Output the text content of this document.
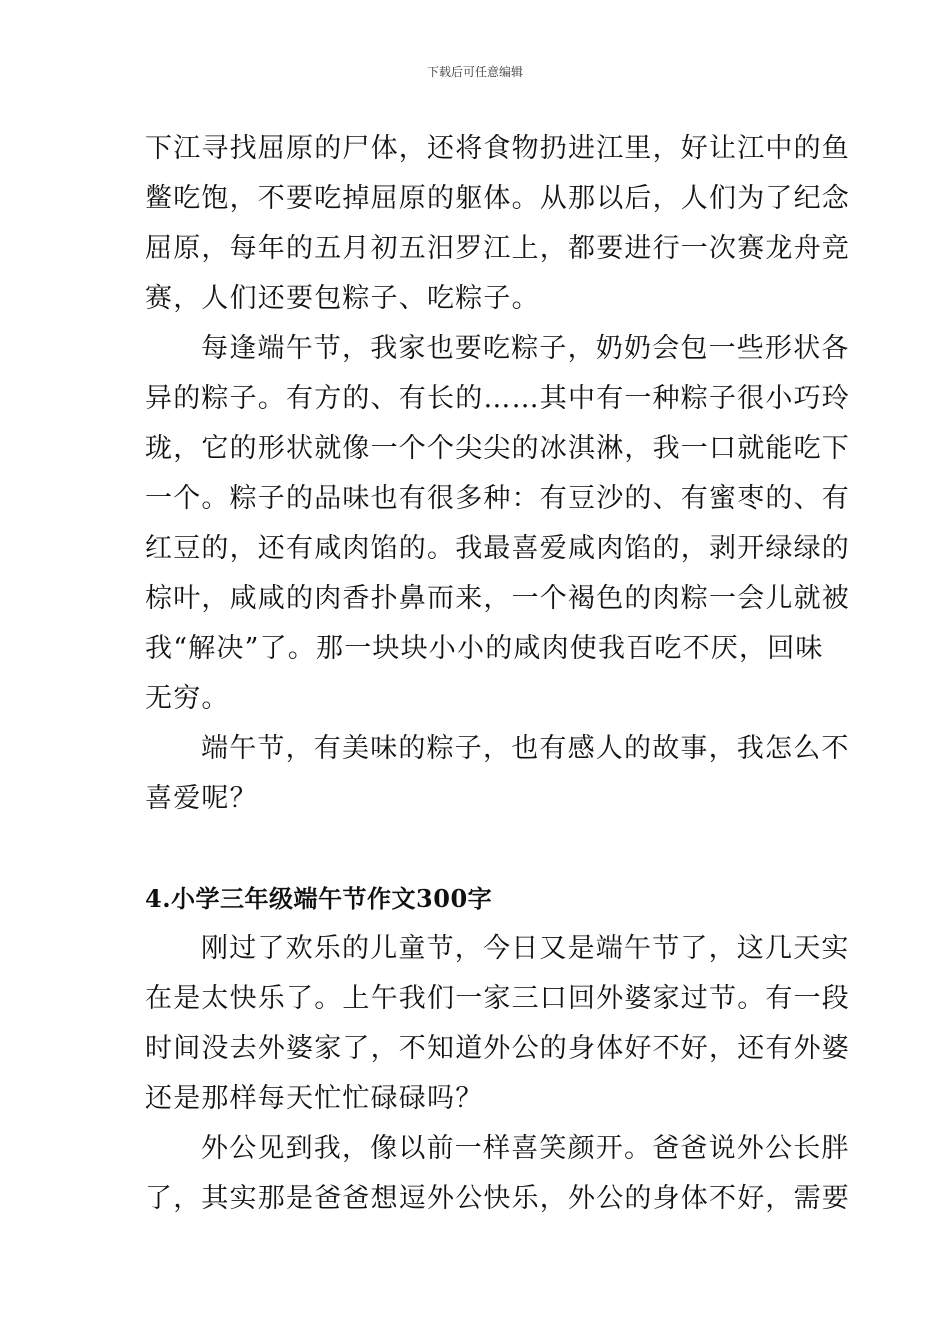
下载后可任意编辑

下江寻找屈原的尸体，还将食物扔进江里，好让江中的鱼
鳖吃饱，不要吃掉屈原的躯体。从那以后，人们为了纪念
屈原，每年的五月初五汨罗江上，都要进行一次赛龙舟竞
赛，人们还要包粽子、吃粽子。

每逢端午节，我家也要吃粽子，奶奶会包一些形状各
异的粽子。有方的、有长的……其中有一种粽子很小巧玲
珑，它的形状就像一个个尖尖的冰淇淋，我一口就能吃下
一个。粽子的品味也有很多种：有豆沙的、有蜜枣的、有
红豆的，还有咸肉馅的。我最喜爱咸肉馅的，剥开绿绿的
棕叶，咸咸的肉香扑鼻而来，一个褐色的肉粽一会儿就被
我“解决”了。那一块块小小的咸肉使我百吃不厌，回味
无穷。

端午节，有美味的粽子，也有感人的故事，我怎么不
喜爱呢？

4.小学三年级端午节作文300字

刚过了欢乐的儿童节，今日又是端午节了，这几天实
在是太快乐了。上午我们一家三口回外婆家过节。有一段
时间没去外婆家了，不知道外公的身体好不好，还有外婆
还是那样每天忙忙碌碌吗？

外公见到我，像以前一样喜笑颜开。爸爸说外公长胖
了，其实那是爸爸想逗外公快乐，外公的身体不好，需要
